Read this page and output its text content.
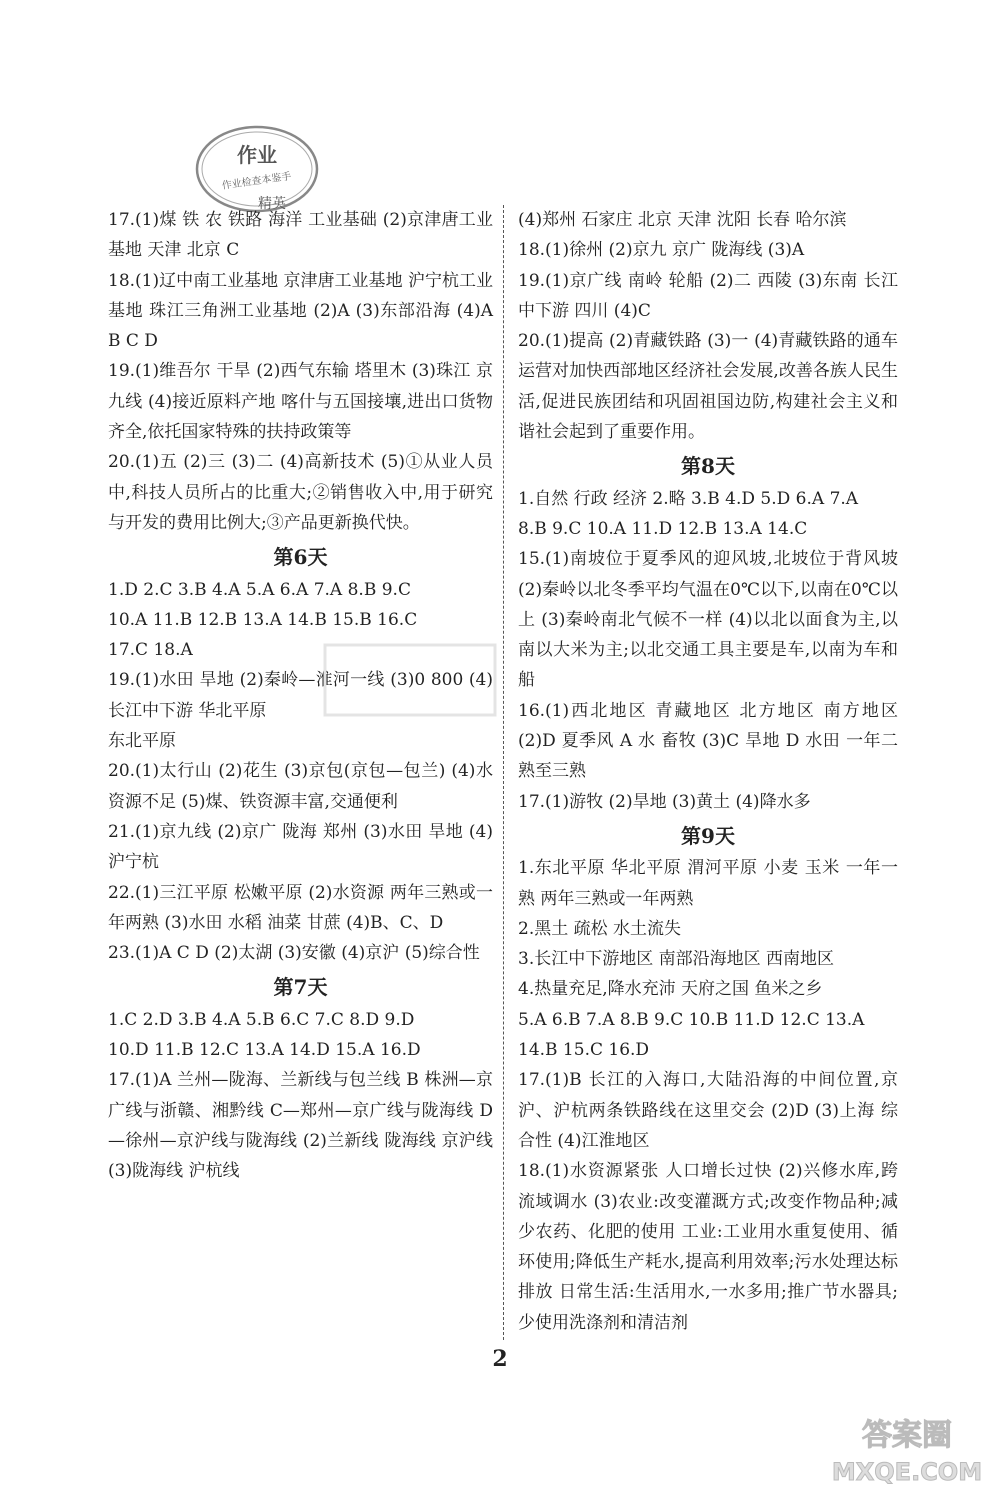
作业
作业检查本鉴手
精英
17.(1)煤 铁 农 铁路 海洋 工业基础 (2)京津唐工业基地 天津 北京 C
18.(1)辽中南工业基地 京津唐工业基地 沪宁杭工业基地 珠江三角洲工业基地 (2)A (3)东部沿海 (4)A B C D
19.(1)维吾尔 干旱 (2)西气东输 塔里木 (3)珠江 京九线 (4)接近原料产地 喀什与五国接壤,进出口货物齐全,依托国家特殊的扶持政策等
20.(1)五 (2)三 (3)二 (4)高新技术 (5)①从业人员中,科技人员所占的比重大;②销售收入中,用于研究与开发的费用比例大;③产品更新换代快。
第6天
1.D 2.C 3.B 4.A 5.A 6.A 7.A 8.B 9.C
10.A 11.B 12.B 13.A 14.B 15.B 16.C
17.C 18.A
19.(1)水田 旱地 (2)秦岭—淮河一线 (3)0 800 (4)长江中下游 华北平原
东北平原
20.(1)太行山 (2)花生 (3)京包(京包—包兰) (4)水资源不足 (5)煤、铁资源丰富,交通便利
21.(1)京九线 (2)京广 陇海 郑州 (3)水田 旱地 (4)沪宁杭
22.(1)三江平原 松嫩平原 (2)水资源 两年三熟或一年两熟 (3)水田 水稻 油菜 甘蔗 (4)B、C、D
23.(1)A C D (2)太湖 (3)安徽 (4)京沪 (5)综合性
第7天
1.C 2.D 3.B 4.A 5.B 6.C 7.C 8.D 9.D
10.D 11.B 12.C 13.A 14.D 15.A 16.D
17.(1)A 兰州—陇海、兰新线与包兰线 B 株洲—京广线与浙赣、湘黔线 C—郑州—京广线与陇海线 D—徐州—京沪线与陇海线 (2)兰新线 陇海线 京沪线 (3)陇海线 沪杭线
(4)郑州 石家庄 北京 天津 沈阳 长春 哈尔滨
18.(1)徐州 (2)京九 京广 陇海线 (3)A
19.(1)京广线 南岭 轮船 (2)二 西陵 (3)东南 长江中下游 四川 (4)C
20.(1)提高 (2)青藏铁路 (3)一 (4)青藏铁路的通车运营对加快西部地区经济社会发展,改善各族人民生活,促进民族团结和巩固祖国边防,构建社会主义和谐社会起到了重要作用。
第8天
1.自然 行政 经济 2.略 3.B 4.D 5.D 6.A 7.A
8.B 9.C 10.A 11.D 12.B 13.A 14.C
15.(1)南坡位于夏季风的迎风坡,北坡位于背风坡 (2)秦岭以北冬季平均气温在0℃以下,以南在0℃以上 (3)秦岭南北气候不一样 (4)以北以面食为主,以南以大米为主;以北交通工具主要是车,以南为车和船
16.(1)西北地区 青藏地区 北方地区 南方地区 (2)D 夏季风 A 水 畜牧 (3)C 旱地 D 水田 一年二熟至三熟
17.(1)游牧 (2)旱地 (3)黄土 (4)降水多
第9天
1.东北平原 华北平原 渭河平原 小麦 玉米 一年一熟 两年三熟或一年两熟
2.黑土 疏松 水土流失
3.长江中下游地区 南部沿海地区 西南地区
4.热量充足,降水充沛 天府之国 鱼米之乡
5.A 6.B 7.A 8.B 9.C 10.B 11.D 12.C 13.A
14.B 15.C 16.D
17.(1)B 长江的入海口,大陆沿海的中间位置,京沪、沪杭两条铁路线在这里交会 (2)D (3)上海 综合性 (4)江淮地区
18.(1)水资源紧张 人口增长过快 (2)兴修水库,跨流域调水 (3)农业:改变灌溉方式;改变作物品种;减少农药、化肥的使用 工业:工业用水重复使用、循环使用;降低生产耗水,提高利用效率;污水处理达标排放 日常生活:生活用水,一水多用;推广节水器具;少使用洗涤剂和清洁剂
2
答案圈
MXQE.COM
